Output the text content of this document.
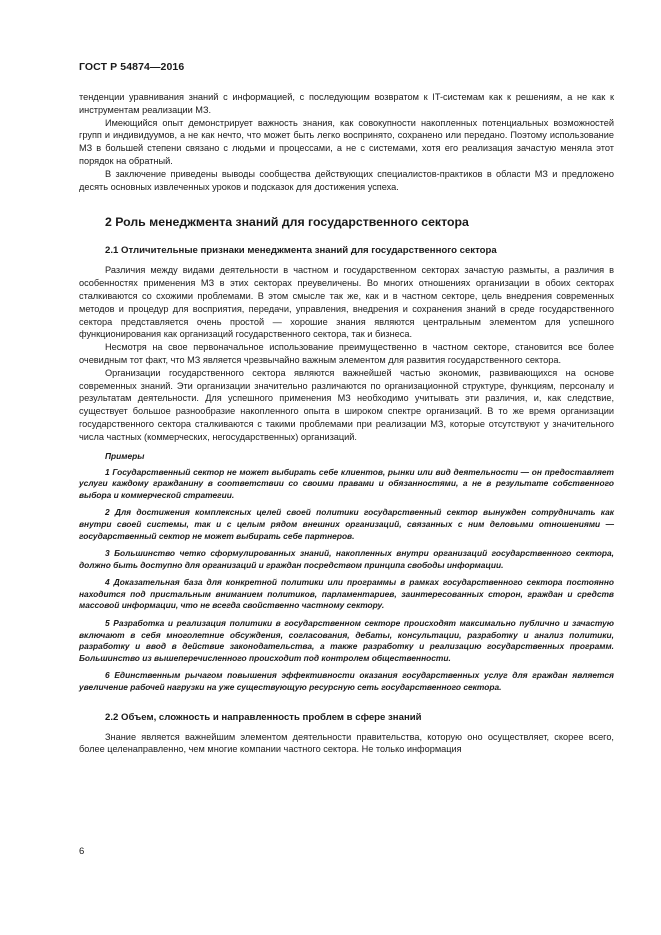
ГОСТ Р 54874—2016

тенденции уравнивания знаний с информацией, с последующим возвратом к IT-системам как к решениям, а не как к инструментам реализации МЗ.

Имеющийся опыт демонстрирует важность знания, как совокупности накопленных потенциальных возможностей групп и индивидуумов, а не как нечто, что может быть легко воспринято, сохранено или передано. Поэтому использование МЗ в большей степени связано с людьми и процессами, а не с системами, хотя его реализация зачастую меняла этот порядок на обратный.

В заключение приведены выводы сообщества действующих специалистов-практиков в области МЗ и предложено десять основных извлеченных уроков и подсказок для достижения успеха.

2 Роль менеджмента знаний для государственного сектора
2.1 Отличительные признаки менеджмента знаний для государственного сектора

Различия между видами деятельности в частном и государственном секторах зачастую размыты, а различия в особенностях применения МЗ в этих секторах преувеличены. Во многих отношениях организации в обоих секторах сталкиваются со схожими проблемами. В этом смысле так же, как и в частном секторе, цель внедрения современных методов и процедур для восприятия, передачи, управления, внедрения и сохранения знаний в среде государственного сектора представляется очень простой — хорошие знания являются центральным элементом для успешного функционирования как организаций государственного сектора, так и бизнеса.

Несмотря на свое первоначальное использование преимущественно в частном секторе, становится все более очевидным тот факт, что МЗ является чрезвычайно важным элементом для развития государственного сектора.

Организации государственного сектора являются важнейшей частью экономик, развивающихся на основе современных знаний. Эти организации значительно различаются по организационной структуре, функциям, персоналу и результатам деятельности. Для успешного применения МЗ необходимо учитывать эти различия, и, как следствие, существует большое разнообразие накопленного опыта в широком спектре организаций. В то же время организации государственного сектора сталкиваются с такими проблемами при реализации МЗ, которые отсутствуют у значительного числа частных (коммерческих, негосударственных) организаций.

Примеры
1 Государственный сектор не может выбирать себе клиентов, рынки или вид деятельности — он предоставляет услуги каждому гражданину в соответствии со своими правами и обязанностями, а не в результате собственного выбора и коммерческой стратегии.
2 Для достижения комплексных целей своей политики государственный сектор вынужден сотрудничать как внутри своей системы, так и с целым рядом внешних организаций, связанных с ним деловыми отношениями — государственный сектор не может выбирать себе партнеров.
3 Большинство четко сформулированных знаний, накопленных внутри организаций государственного сектора, должно быть доступно для организаций и граждан посредством принципа свободы информации.
4 Доказательная база для конкретной политики или программы в рамках государственного сектора постоянно находится под пристальным вниманием политиков, парламентариев, заинтересованных сторон, граждан и средств массовой информации, что не всегда свойственно частному сектору.
5 Разработка и реализация политики в государственном секторе происходят максимально публично и зачастую включают в себя многолетние обсуждения, согласования, дебаты, консультации, разработку и анализ политики, разработку и ввод в действие законодательства, а также разработку и реализацию государственных программ. Большинство из вышеперечисленного происходит под контролем общественности.
6 Единственным рычагом повышения эффективности оказания государственных услуг для граждан является увеличение рабочей нагрузки на уже существующую ресурсную сеть государственного сектора.
2.2 Объем, сложность и направленность проблем в сфере знаний

Знание является важнейшим элементом деятельности правительства, которую оно осуществляет, скорее всего, более целенаправленно, чем многие компании частного сектора. Не только информация

6
